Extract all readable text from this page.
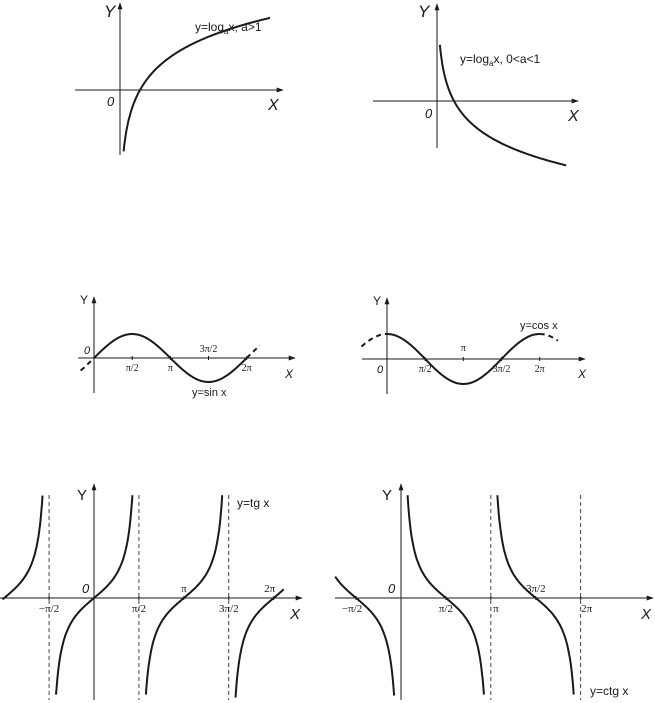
Y
X
0
$y=\log_ax$, a>1
Y
X
0
$y=\log_ax$, 0<a<1
π/2	π
3π/2
2π
Y
X
0
y=sin x
π/2
π
3π/2 2π
Y
X
0
y=cos x
−π/2	π/2
π
3π/2
2π
Y
X
0
y=tg x
−π/2	π/2	π
3π/2
2π
Y
X
0
y=ctg x
